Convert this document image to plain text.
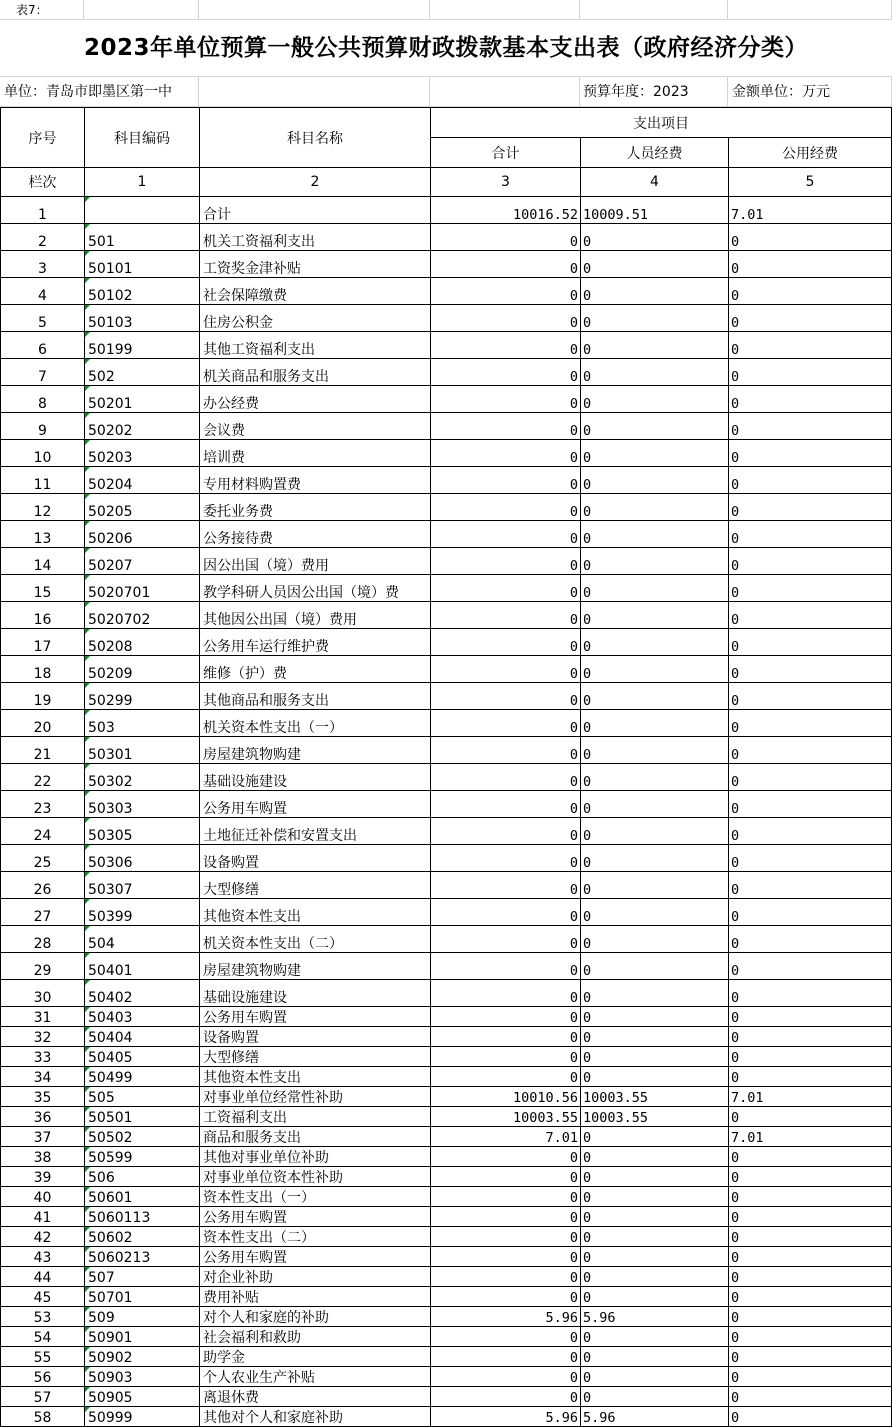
表7：
2023年单位预算一般公共预算财政拨款基本支出表（政府经济分类）
单位：青岛市即墨区第一中	预算年度：2023	金额单位：万元
序号	科目编码	科目名称	支出项目		
			合计	人员经费	公用经费
栏次	1	2	3	4	5
1		合计	10016.52	10009.51	7.01
2	501	机关工资福利支出	0	0	0
3	50101	工资奖金津补贴	0	0	0
4	50102	社会保障缴费	0	0	0
5	50103	住房公积金	0	0	0
6	50199	其他工资福利支出	0	0	0
7	502	机关商品和服务支出	0	0	0
8	50201	办公经费	0	0	0
9	50202	会议费	0	0	0
10	50203	培训费	0	0	0
11	50204	专用材料购置费	0	0	0
12	50205	委托业务费	0	0	0
13	50206	公务接待费	0	0	0
14	50207	因公出国（境）费用	0	0	0
15	5020701	教学科研人员因公出国（境）费	0	0	0
16	5020702	其他因公出国（境）费用	0	0	0
17	50208	公务用车运行维护费	0	0	0
18	50209	维修（护）费	0	0	0
19	50299	其他商品和服务支出	0	0	0
20	503	机关资本性支出（一）	0	0	0
21	50301	房屋建筑物购建	0	0	0
22	50302	基础设施建设	0	0	0
23	50303	公务用车购置	0	0	0
24	50305	土地征迁补偿和安置支出	0	0	0
25	50306	设备购置	0	0	0
26	50307	大型修缮	0	0	0
27	50399	其他资本性支出	0	0	0
28	504	机关资本性支出（二）	0	0	0
29	50401	房屋建筑物购建	0	0	0
30	50402	基础设施建设	0	0	0
31	50403	公务用车购置	0	0	0
32	50404	设备购置	0	0	0
33	50405	大型修缮	0	0	0
34	50499	其他资本性支出	0	0	0
35	505	对事业单位经常性补助	10010.56	10003.55	7.01
36	50501	工资福利支出	10003.55	10003.55	0
37	50502	商品和服务支出	7.01	0	7.01
38	50599	其他对事业单位补助	0	0	0
39	506	对事业单位资本性补助	0	0	0
40	50601	资本性支出（一）	0	0	0
41	5060113	公务用车购置	0	0	0
42	50602	资本性支出（二）	0	0	0
43	5060213	公务用车购置	0	0	0
44	507	对企业补助	0	0	0
45	50701	费用补贴	0	0	0
53	509	对个人和家庭的补助	5.96	5.96	0
54	50901	社会福利和救助	0	0	0
55	50902	助学金	0	0	0
56	50903	个人农业生产补贴	0	0	0
57	50905	离退休费	0	0	0
58	50999	其他对个人和家庭补助	5.96	5.96	0
